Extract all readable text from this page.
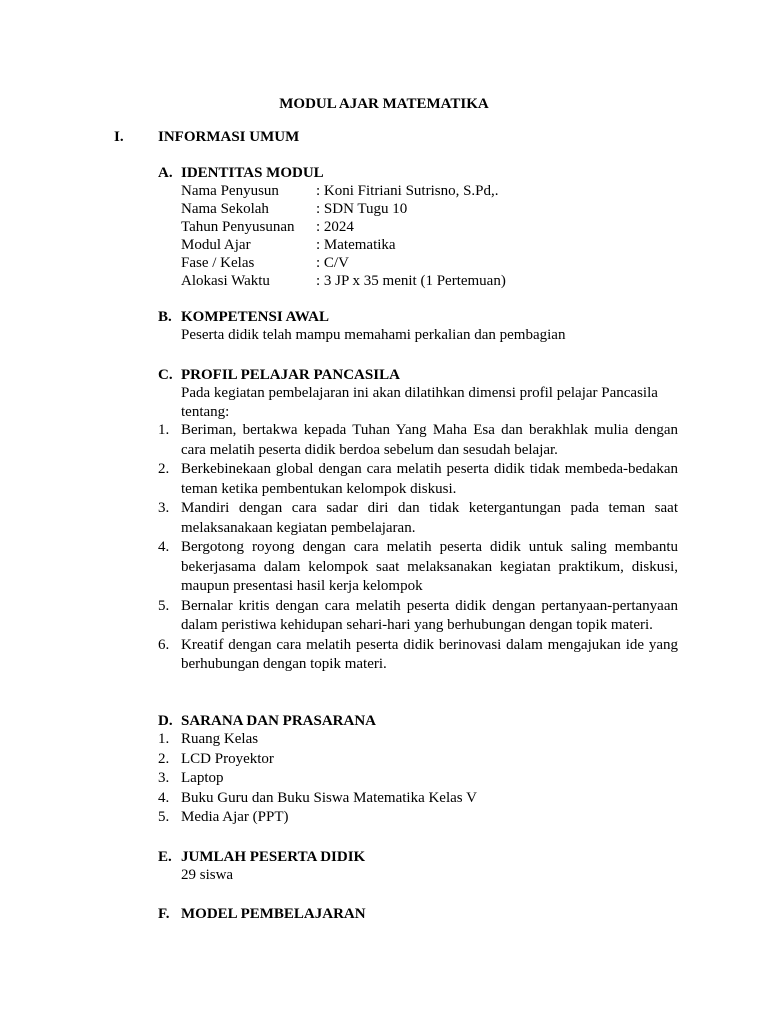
MODUL AJAR MATEMATIKA
I. INFORMASI UMUM
A. IDENTITAS MODUL
Nama Penyusun	: Koni Fitriani Sutrisno, S.Pd,.
Nama Sekolah	: SDN Tugu 10
Tahun Penyusunan	: 2024
Modul Ajar	: Matematika
Fase / Kelas	: C/V
Alokasi Waktu	: 3 JP x 35 menit (1 Pertemuan)
B. KOMPETENSI AWAL
Peserta didik telah mampu memahami perkalian dan pembagian
C. PROFIL PELAJAR PANCASILA
Pada kegiatan pembelajaran ini akan dilatihkan dimensi profil pelajar Pancasila tentang:
1. Beriman, bertakwa kepada Tuhan Yang Maha Esa dan berakhlak mulia dengan cara melatih peserta didik berdoa sebelum dan sesudah belajar.
2. Berkebinekaan global dengan cara melatih peserta didik tidak membeda-bedakan teman ketika pembentukan kelompok diskusi.
3. Mandiri dengan cara sadar diri dan tidak ketergantungan pada teman saat melaksanakaan kegiatan pembelajaran.
4. Bergotong royong dengan cara melatih peserta didik untuk saling membantu bekerjasama dalam kelompok saat melaksanakan kegiatan praktikum, diskusi, maupun presentasi hasil kerja kelompok
5. Bernalar kritis dengan cara melatih peserta didik dengan pertanyaan-pertanyaan dalam peristiwa kehidupan sehari-hari yang berhubungan dengan topik materi.
6. Kreatif dengan cara melatih peserta didik berinovasi dalam mengajukan ide yang berhubungan dengan topik materi.
D. SARANA DAN PRASARANA
1. Ruang Kelas
2. LCD Proyektor
3. Laptop
4. Buku Guru dan Buku Siswa Matematika Kelas V
5. Media Ajar (PPT)
E. JUMLAH PESERTA DIDIK
29 siswa
F. MODEL PEMBELAJARAN
